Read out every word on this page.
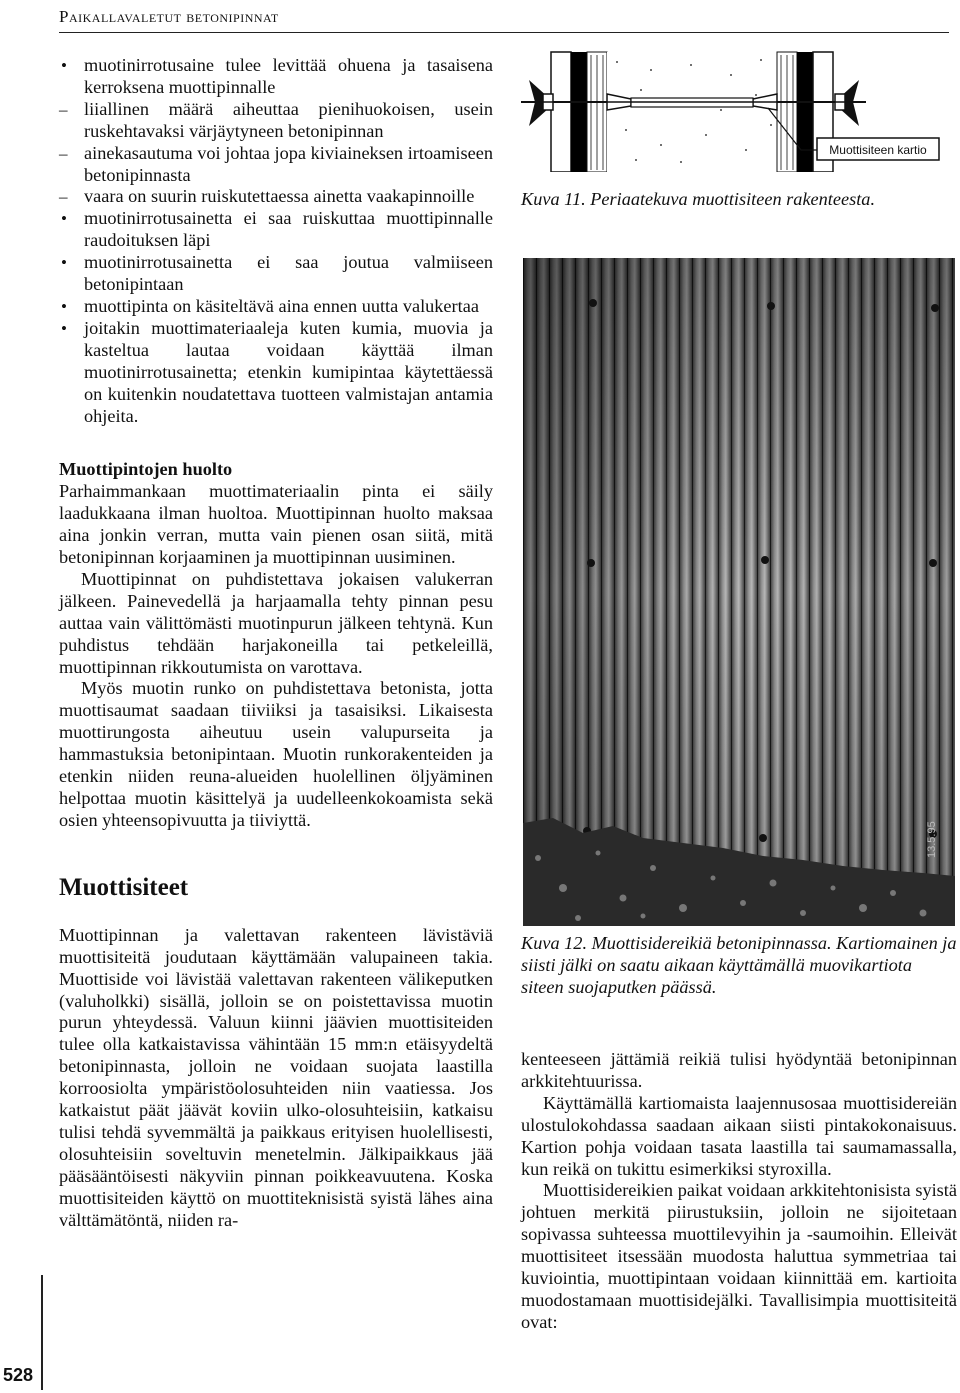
Paikallavaletut betonipinnat
• muotinirrotusaine tulee levittää ohuena ja tasaisena kerroksena muottipinnalle
– liiallinen määrä aiheuttaa pienihuokoisen, usein ruskehtavaksi värjäytyneen betonipinnan
– ainekasautuma voi johtaa jopa kiviaineksen irtoamiseen betonipinnasta
– vaara on suurin ruiskutettaessa ainetta vaakapinnoille
• muotinirrotusainetta ei saa ruiskuttaa muottipinnalle raudoituksen läpi
• muotinirrotusainetta ei saa joutua valmiiseen betonipintaan
• muottipinta on käsiteltävä aina ennen uutta valukertaa
• joitakin muottimateriaaleja kuten kumia, muovia ja kasteltua lautaa voidaan käyttää ilman muotinirrotusainetta; etenkin kumipintaa käytettäessä on kuitenkin noudatettava tuotteen valmistajan antamia ohjeita.
Muottipintojen huolto

Parhaimmankaan muottimateriaalin pinta ei säily laadukkaana ilman huoltoa. Muottipinnan huolto maksaa aina jonkin verran, mutta vain pienen osan siitä, mitä betonipinnan korjaaminen ja muottipinnan uusiminen.

Muottipinnat on puhdistettava jokaisen valukerran jälkeen. Painevedellä ja harjaamalla tehty pinnan pesu auttaa vain välittömästi muotinpurun jälkeen tehtynä. Kun puhdistus tehdään harjakoneilla tai petkeleillä, muottipinnan rikkoutumista on varottava.

Myös muotin runko on puhdistettava betonista, jotta muottisaumat saadaan tiiviiksi ja tasaisiksi. Likaisesta muottirungosta aiheutuu usein valupurseita ja hammastuksia betonipintaan. Muotin runkorakenteiden ja etenkin niiden reuna-alueiden huolellinen öljyäminen helpottaa muotin käsittelyä ja uudelleenkokoamista sekä osien yhteensopivuutta ja tiiviyttä.

Muottisiteet

Muottipinnan ja valettavan rakenteen lävistäviä muottisiteitä joudutaan käyttämään valupaineen takia. Muottiside voi lävistää valettavan rakenteen välikeputken (valuholkki) sisällä, jolloin se on poistettavissa muotin purun yhteydessä. Valuun kiinni jäävien muottisiteiden tulee olla katkaistavissa vähintään 15 mm:n etäisyydeltä betonipinnasta, jolloin ne voidaan suojata laastilla korroosiolta ympäristöolosuhteiden niin vaatiessa. Jos katkaistut päät jäävät koviin ulko-olosuhteisiin, katkaisu tulisi tehdä syvemmältä ja paikkaus erityisen huolellisesti, olosuhteisiin soveltuvin menetelmin. Jälkipaikkaus jää pääsääntöisesti näkyviin pinnan poikkeavuutena. Koska muottisiteiden käyttö on muottiteknisistä syistä lähes aina välttämätöntä, niiden ra-

Muottisiteen kartio
Kuva 11. Periaatekuva muottisiteen rakenteesta.
13.5.95
Kuva 12. Muottisidereikiä betonipinnassa. Kartiomainen ja siisti jälki on saatu aikaan käyttämällä muovikartiota siteen suojaputken päässä.

kenteeseen jättämiä reikiä tulisi hyödyntää betonipinnan arkkitehtuurissa.

Käyttämällä kartiomaista laajennusosaa muottisidereiän ulostulokohdassa saadaan aikaan siisti pintakokonaisuus. Kartion pohja voidaan tasata laastilla tai saumamassalla, kun reikä on tukittu esimerkiksi styroxilla.

Muottisidereikien paikat voidaan arkkitehtonisista syistä johtuen merkitä piirustuksiin, jolloin ne sijoitetaan sopivassa suhteessa muottilevyihin ja -saumoihin. Elleivät muottisiteet itsessään muodosta haluttua symmetriaa tai kuviointia, muottipintaan voidaan kiinnittää em. kartioita muodostamaan muottisidejälki. Tavallisimpia muottisiteitä ovat:

528
